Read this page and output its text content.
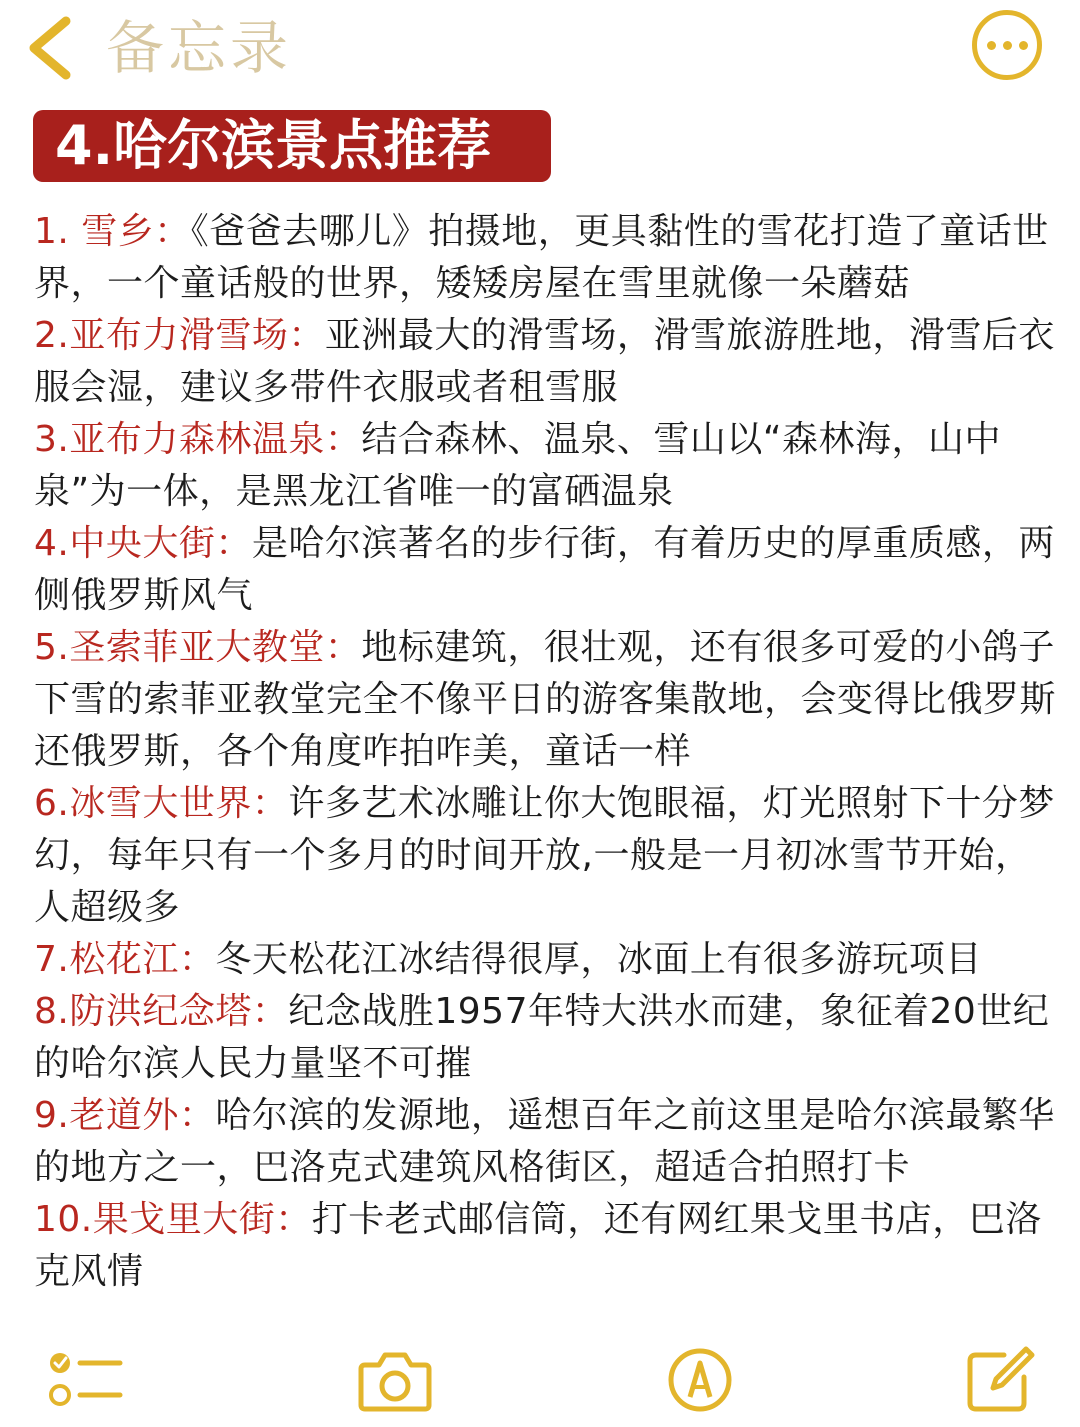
备忘录
4.哈尔滨景点推荐
1. 雪乡：《爸爸去哪儿》拍摄地，更具黏性的雪花打造了童话世界，一个童话般的世界，矮矮房屋在雪里就像一朵蘑菇
2.亚布力滑雪场：亚洲最大的滑雪场，滑雪旅游胜地，滑雪后衣服会湿，建议多带件衣服或者租雪服
3.亚布力森林温泉：结合森林、温泉、雪山以“森林海，山中泉”为一体，是黑龙江省唯一的富硒温泉
4.中央大街：是哈尔滨著名的步行街，有着历史的厚重质感，两侧俄罗斯风气
5.圣索菲亚大教堂：地标建筑，很壮观，还有很多可爱的小鸽子下雪的索菲亚教堂完全不像平日的游客集散地，会变得比俄罗斯还俄罗斯，各个角度咋拍咋美，童话一样
6.冰雪大世界：许多艺术冰雕让你大饱眼福，灯光照射下十分梦幻，每年只有一个多月的时间开放,一般是一月初冰雪节开始，人超级多
7.松花江：冬天松花江冰结得很厚，冰面上有很多游玩项目
8.防洪纪念塔：纪念战胜1957年特大洪水而建，象征着20世纪的哈尔滨人民力量坚不可摧
9.老道外：哈尔滨的发源地，遥想百年之前这里是哈尔滨最繁华的地方之一，巴洛克式建筑风格街区，超适合拍照打卡
10.果戈里大街：打卡老式邮信筒，还有网红果戈里书店，巴洛克风情
